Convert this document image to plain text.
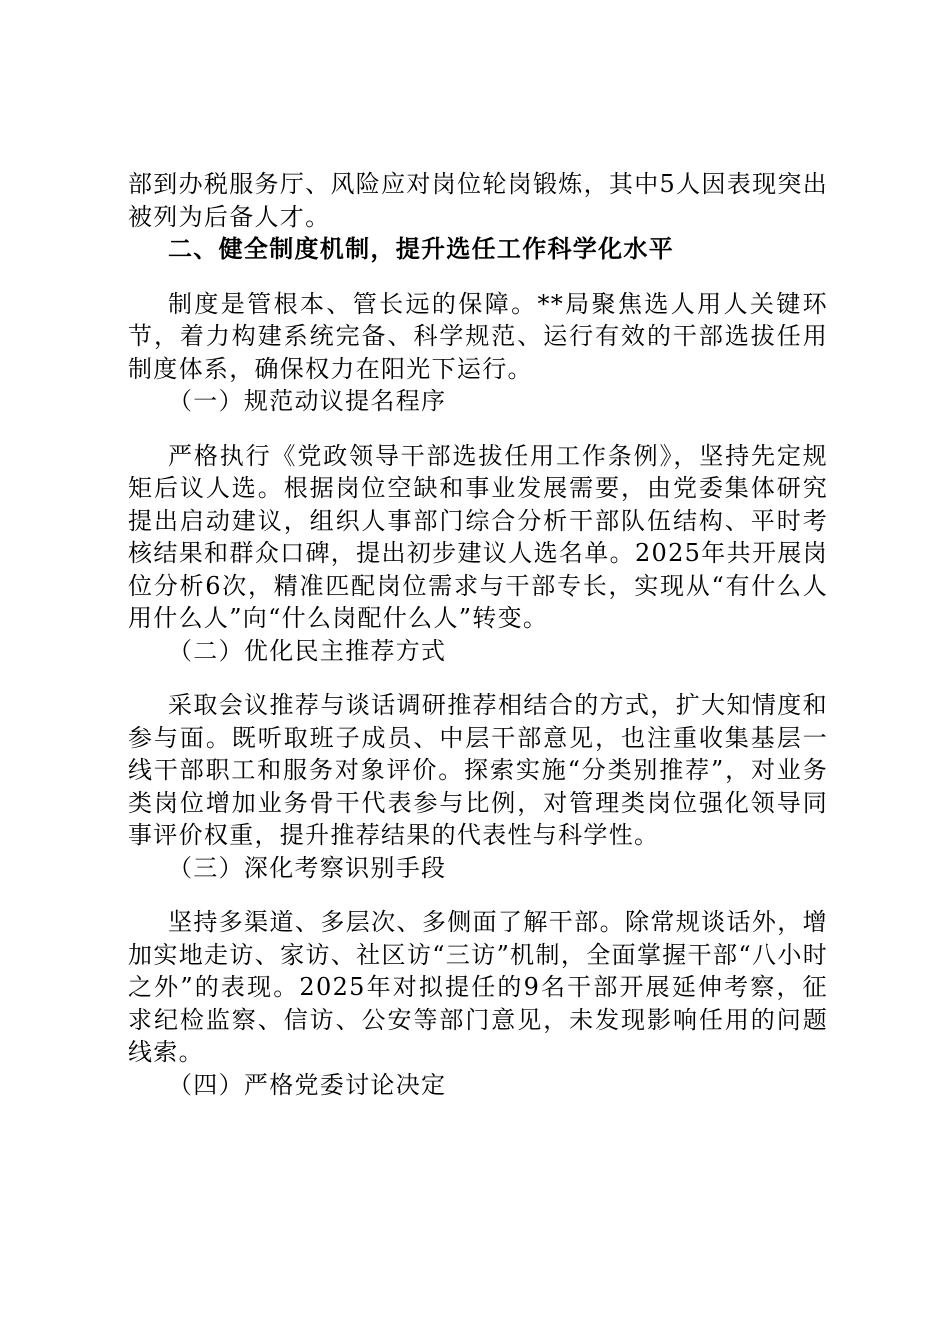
部到办税服务厅、风险应对岗位轮岗锻炼，其中5人因表现突出被列为后备人才。

二、健全制度机制，提升选任工作科学化水平

制度是管根本、管长远的保障。**局聚焦选人用人关键环节，着力构建系统完备、科学规范、运行有效的干部选拔任用制度体系，确保权力在阳光下运行。

（一）规范动议提名程序

严格执行《党政领导干部选拔任用工作条例》，坚持先定规矩后议人选。根据岗位空缺和事业发展需要，由党委集体研究提出启动建议，组织人事部门综合分析干部队伍结构、平时考核结果和群众口碑，提出初步建议人选名单。2025年共开展岗位分析6次，精准匹配岗位需求与干部专长，实现从“有什么人用什么人”向“什么岗配什么人”转变。

（二）优化民主推荐方式

采取会议推荐与谈话调研推荐相结合的方式，扩大知情度和参与面。既听取班子成员、中层干部意见，也注重收集基层一线干部职工和服务对象评价。探索实施“分类别推荐”，对业务类岗位增加业务骨干代表参与比例，对管理类岗位强化领导同事评价权重，提升推荐结果的代表性与科学性。

（三）深化考察识别手段

坚持多渠道、多层次、多侧面了解干部。除常规谈话外，增加实地走访、家访、社区访“三访”机制，全面掌握干部“八小时之外”的表现。2025年对拟提任的9名干部开展延伸考察，征求纪检监察、信访、公安等部门意见，未发现影响任用的问题线索。

（四）严格党委讨论决定
